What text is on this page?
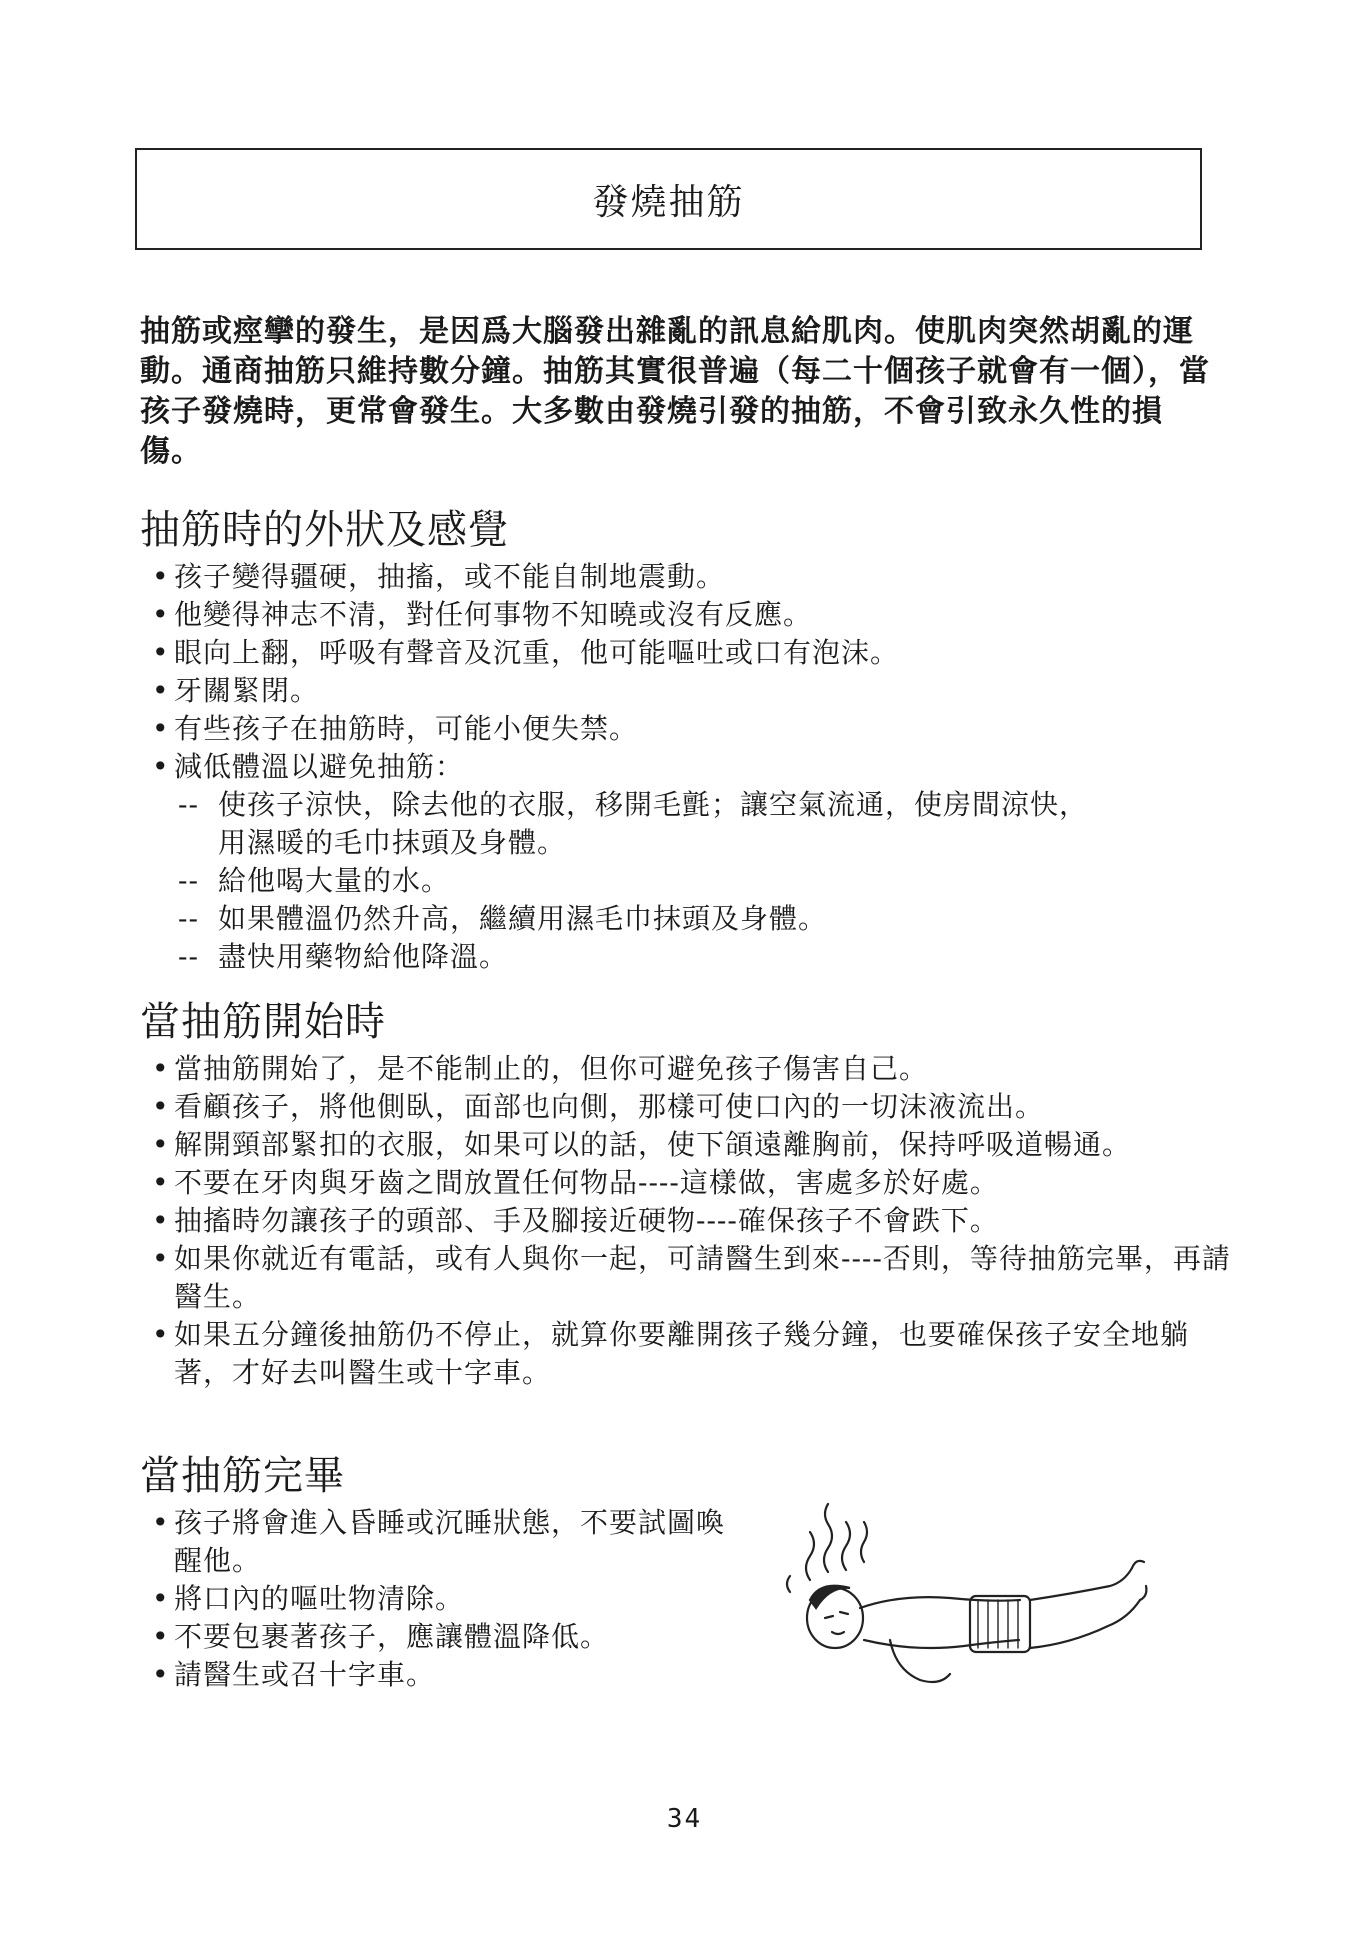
發燒抽筋
抽筋或痙攣的發生，是因爲大腦發出雜亂的訊息給肌肉。使肌肉突然胡亂的運動。通商抽筋只維持數分鐘。抽筋其實很普遍（每二十個孩子就會有一個），當孩子發燒時，更常會發生。大多數由發燒引發的抽筋，不會引致永久性的損傷。
抽筋時的外狀及感覺
• 孩子變得疆硬，抽搐，或不能自制地震動。
• 他變得神志不清，對任何事物不知曉或沒有反應。
• 眼向上翻，呼吸有聲音及沉重，他可能嘔吐或口有泡沫。
• 牙關緊閉。
• 有些孩子在抽筋時，可能小便失禁。
• 減低體溫以避免抽筋：
-- 使孩子涼快，除去他的衣服，移開毛氈；讓空氣流通，使房間涼快，
用濕暖的毛巾抹頭及身體。
-- 給他喝大量的水。
-- 如果體溫仍然升高，繼續用濕毛巾抹頭及身體。
-- 盡快用藥物給他降溫。
當抽筋開始時
• 當抽筋開始了，是不能制止的，但你可避免孩子傷害自己。
• 看顧孩子，將他側臥，面部也向側，那樣可使口內的一切沫液流出。
• 解開頸部緊扣的衣服，如果可以的話，使下頜遠離胸前，保持呼吸道暢通。
• 不要在牙肉與牙齒之間放置任何物品----這樣做，害處多於好處。
• 抽搐時勿讓孩子的頭部、手及腳接近硬物----確保孩子不會跌下。
• 如果你就近有電話，或有人與你一起，可請醫生到來----否則，等待抽筋完畢，再請醫生。
• 如果五分鐘後抽筋仍不停止，就算你要離開孩子幾分鐘，也要確保孩子安全地躺著，才好去叫醫生或十字車。
當抽筋完畢
• 孩子將會進入昏睡或沉睡狀態，不要試圖喚醒他。
• 將口內的嘔吐物清除。
• 不要包裹著孩子，應讓體溫降低。
• 請醫生或召十字車。
34
